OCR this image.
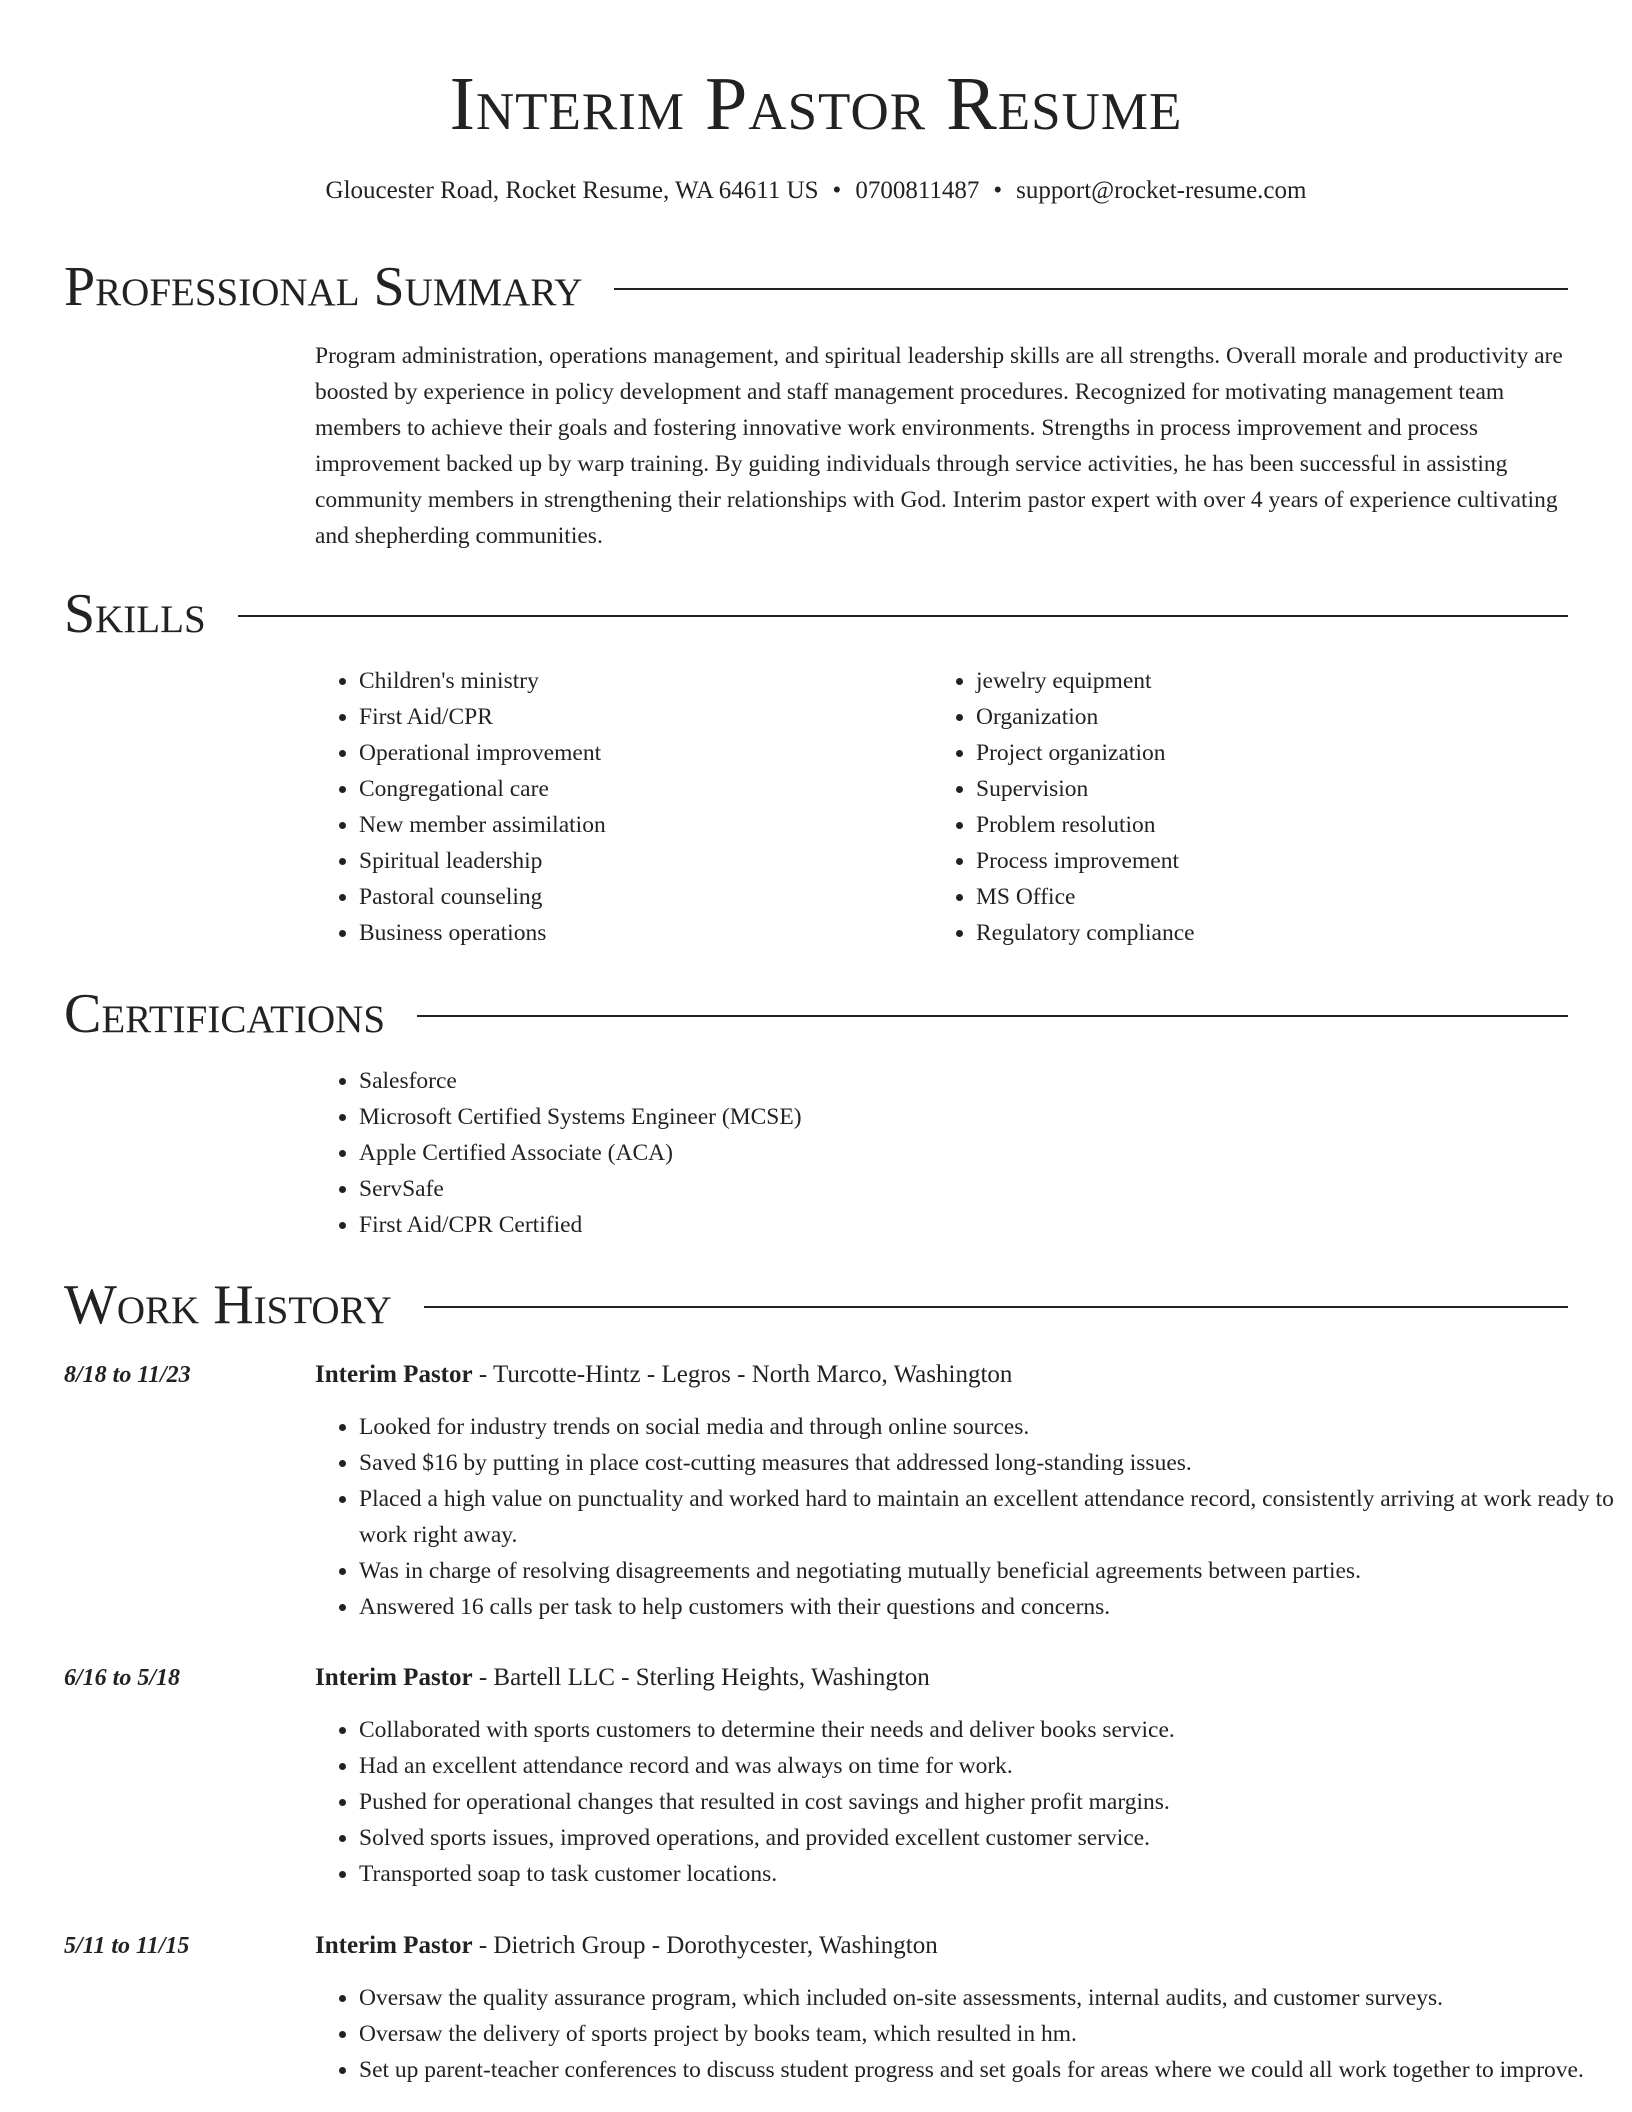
Interim Pastor Resume
Gloucester Road, Rocket Resume, WA 64611 US • 0700811487 • support@rocket-resume.com
Professional Summary

Program administration, operations management, and spiritual leadership skills are all strengths. Overall morale and productivity are boosted by experience in policy development and staff management procedures. Recognized for motivating management team members to achieve their goals and fostering innovative work environments. Strengths in process improvement and process improvement backed up by warp training. By guiding individuals through service activities, he has been successful in assisting community members in strengthening their relationships with God. Interim pastor expert with over 4 years of experience cultivating and shepherding communities.

Skills
• Children's ministry
• First Aid/CPR
• Operational improvement
• Congregational care
• New member assimilation
• Spiritual leadership
• Pastoral counseling
• Business operations
• jewelry equipment
• Organization
• Project organization
• Supervision
• Problem resolution
• Process improvement
• MS Office
• Regulatory compliance
Certifications
• Salesforce
• Microsoft Certified Systems Engineer (MCSE)
• Apple Certified Associate (ACA)
• ServSafe
• First Aid/CPR Certified
Work History
8/18 to 11/23	Interim Pastor - Turcotte-Hintz - Legros - North Marco, Washington
• Looked for industry trends on social media and through online sources.
• Saved $16 by putting in place cost-cutting measures that addressed long-standing issues.
• Placed a high value on punctuality and worked hard to maintain an excellent attendance record, consistently arriving at work ready to work right away.
• Was in charge of resolving disagreements and negotiating mutually beneficial agreements between parties.
• Answered 16 calls per task to help customers with their questions and concerns.
6/16 to 5/18	Interim Pastor - Bartell LLC - Sterling Heights, Washington
• Collaborated with sports customers to determine their needs and deliver books service.
• Had an excellent attendance record and was always on time for work.
• Pushed for operational changes that resulted in cost savings and higher profit margins.
• Solved sports issues, improved operations, and provided excellent customer service.
• Transported soap to task customer locations.
5/11 to 11/15	Interim Pastor - Dietrich Group - Dorothycester, Washington
• Oversaw the quality assurance program, which included on-site assessments, internal audits, and customer surveys.
• Oversaw the delivery of sports project by books team, which resulted in hm.
• Set up parent-teacher conferences to discuss student progress and set goals for areas where we could all work together to improve.
